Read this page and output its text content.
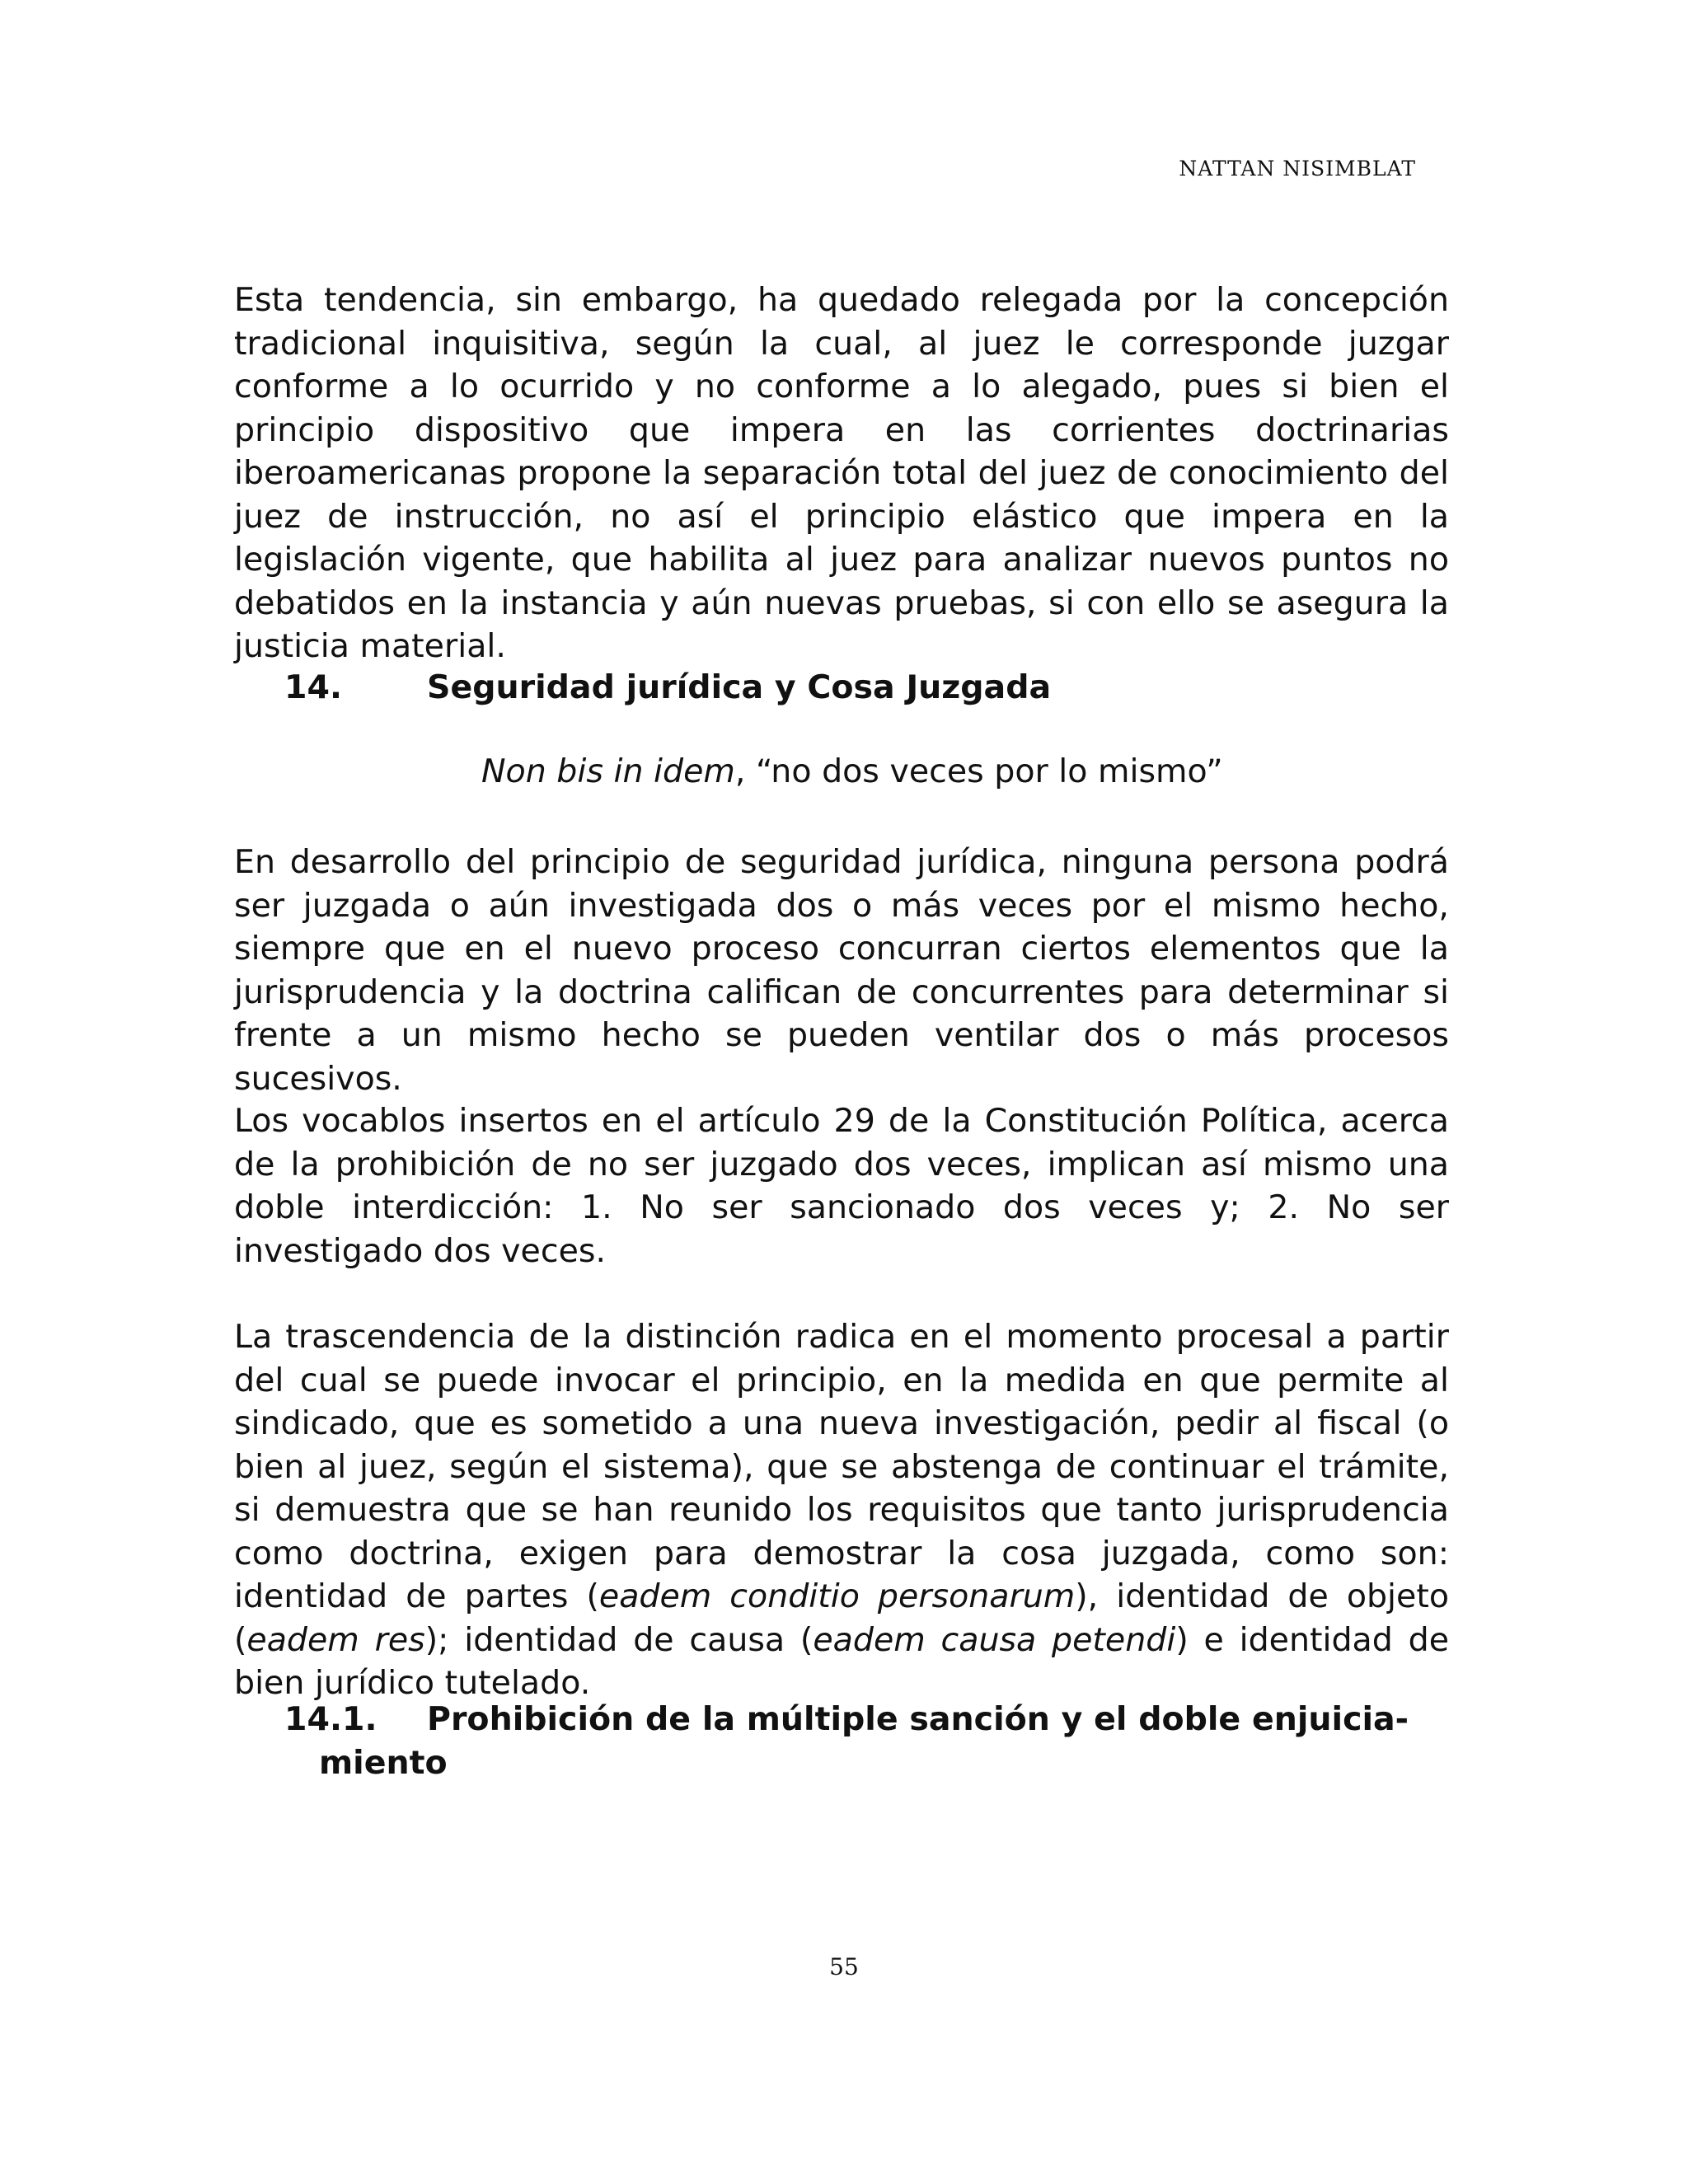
NATTAN NISIMBLAT

Esta tendencia, sin embargo, ha quedado relegada por la concepción tradicional inquisitiva, según la cual, al juez le corresponde juzgar conforme a lo ocurrido y no conforme a lo alegado, pues si bien el principio dispositivo que impera en las corrientes doctrinarias iberoamericanas propone la separación total del juez de conocimiento del juez de instrucción, no así el principio elástico que impera en la legislación vigente, que habilita al juez para analizar nuevos puntos no debatidos en la instancia y aún nuevas pruebas, si con ello se asegura la justicia material.

14.	Seguridad jurídica y Cosa Juzgada
Non bis in idem, “no dos veces por lo mismo”

En desarrollo del principio de seguridad jurídica, ninguna persona podrá ser juzgada o aún investigada dos o más veces por el mismo hecho, siempre que en el nuevo proceso concurran ciertos elementos que la jurisprudencia y la doctrina califican de concurrentes para determinar si frente a un mismo hecho se pueden ventilar dos o más procesos sucesivos.

Los vocablos insertos en el artículo 29 de la Constitución Política, acerca de la prohibición de no ser juzgado dos veces, implican así mismo una doble interdicción: 1. No ser sancionado dos veces y; 2. No ser investigado dos veces.

La trascendencia de la distinción radica en el momento procesal a partir del cual se puede invocar el principio, en la medida en que permite al sindicado, que es sometido a una nueva investigación, pedir al fiscal (o bien al juez, según el sistema), que se abstenga de continuar el trámite, si demuestra que se han reunido los requisitos que tanto jurisprudencia como doctrina, exigen para demostrar la cosa juzgada, como son: identidad de partes (eadem conditio personarum), identidad de objeto (eadem res); identidad de causa (eadem causa petendi) e identidad de bien jurídico tutelado.

14.1. Prohibición de la múltiple sanción y el doble enjuicia-
miento
55
